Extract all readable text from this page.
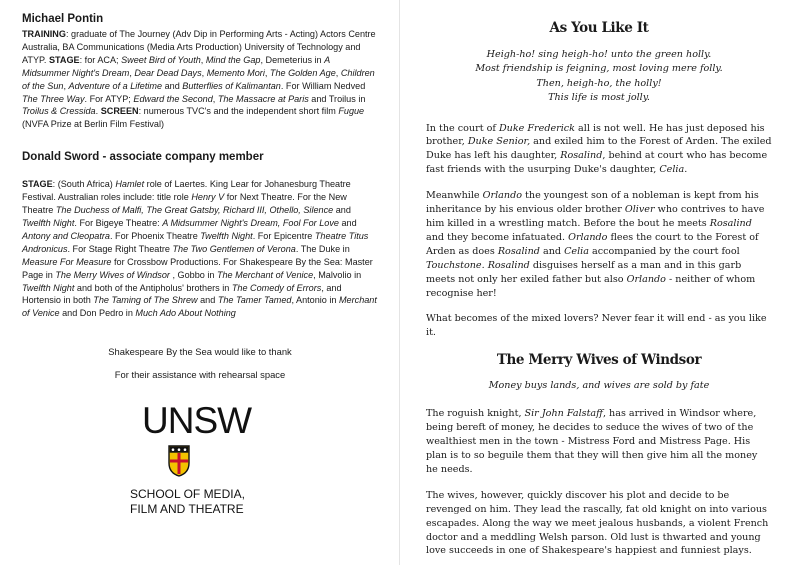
Michael Pontin

TRAINING: graduate of The Journey (Adv Dip in Performing Arts - Acting) Actors Centre Australia, BA Communications (Media Arts Production) University of Technology and ATYP. STAGE: for ACA; Sweet Bird of Youth, Mind the Gap, Demeterius in A Midsummer Night's Dream, Dear Dead Days, Memento Mori, The Golden Age, Children of the Sun, Adventure of a Lifetime and Butterflies of Kalimantan. For William Nedved The Three Way. For ATYP; Edward the Second, The Massacre at Paris and Troilus in Troilus & Cressida. SCREEN: numerous TVC's and the independent short film Fugue (NVFA Prize at Berlin Film Festival)

Donald Sword - associate company member

STAGE: (South Africa) Hamlet role of Laertes. King Lear for Johanesburg Theatre Festival. Australian roles include: title role Henry V for Next Theatre. For the New Theatre The Duchess of Malfi, The Great Gatsby, Richard III, Othello, Silence and Twelfth Night. For Bigeye Theatre: A Midsummer Night's Dream, Fool For Love and Antony and Cleopatra. For Phoenix Theatre Twelfth Night. For Epicentre Theatre Titus Andronicus. For Stage Right Theatre The Two Gentlemen of Verona. The Duke in Measure For Measure for Crossbow Productions. For Shakespeare By the Sea: Master Page in The Merry Wives of Windsor , Gobbo in The Merchant of Venice, Malvolio in Twelfth Night and both of the Antipholus' brothers in The Comedy of Errors, and Hortensio in both The Taming of The Shrew and The Tamer Tamed, Antonio in Merchant of Venice and Don Pedro in Much Ado About Nothing

Shakespeare By the Sea would like to thank

For their assistance with rehearsal space

UNSW
SCHOOL OF MEDIA,
FILM AND THEATRE
As You Like It
Heigh-ho! sing heigh-ho! unto the green holly.
Most friendship is feigning, most loving mere folly.
Then, heigh-ho, the holly!
This life is most jolly.

In the court of Duke Frederick all is not well. He has just deposed his brother, Duke Senior, and exiled him to the Forest of Arden. The exiled Duke has left his daughter, Rosalind, behind at court who has become fast friends with the usurping Duke's daughter, Celia.

Meanwhile Orlando the youngest son of a nobleman is kept from his inheritance by his envious older brother Oliver who contrives to have him killed in a wrestling match. Before the bout he meets Rosalind and they become infatuated. Orlando flees the court to the Forest of Arden as does Rosalind and Celia accompanied by the court fool Touchstone. Rosalind disguises herself as a man and in this garb meets not only her exiled father but also Orlando - neither of whom recognise her!

What becomes of the mixed lovers? Never fear it will end - as you like it.

The Merry Wives of Windsor
Money buys lands, and wives are sold by fate

The roguish knight, Sir John Falstaff, has arrived in Windsor where, being bereft of money, he decides to seduce the wives of two of the wealthiest men in the town - Mistress Ford and Mistress Page. His plan is to so beguile them that they will then give him all the money he needs.

The wives, however, quickly discover his plot and decide to be revenged on him. They lead the rascally, fat old knight on into various escapades. Along the way we meet jealous husbands, a violent French doctor and a meddling Welsh parson. Old lust is thwarted and young love succeeds in one of Shakespeare's happiest and funniest plays.
